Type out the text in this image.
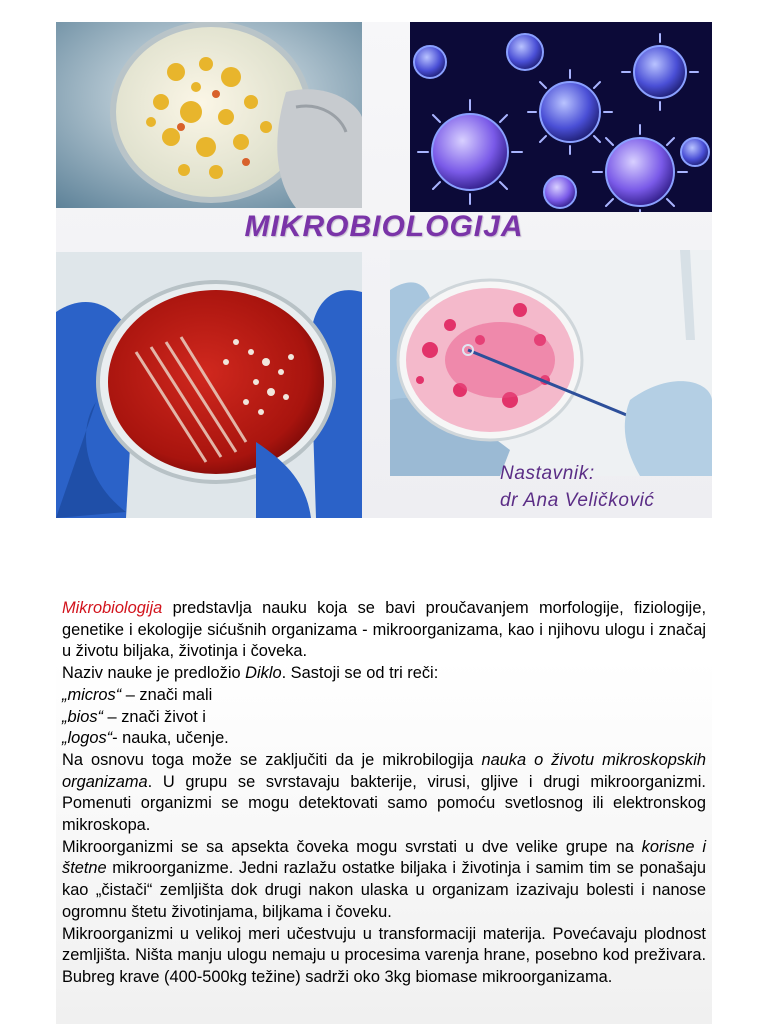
MIKROBIOLOGIJA
Nastavnik:
dr Ana Veličković

Mikrobiologija predstavlja nauku koja se bavi proučavanjem morfologije, fiziologije, genetike i ekologije sićušnih organizama - mikroorganizama, kao i njihovu ulogu i značaj u životu biljaka, životinja i čoveka.

Naziv nauke je predložio Diklo. Sastoji se od tri reči:

„micros“ – znači mali

„bios“ – znači život i

„logos“- nauka, učenje.

Na osnovu toga može se zaključiti da je mikrobilogija nauka o životu mikroskopskih organizama. U grupu se svrstavaju bakterije, virusi, gljive i drugi mikroorganizmi. Pomenuti organizmi se mogu detektovati samo pomoću svetlosnog ili elektronskog mikroskopa.

Mikroorganizmi se sa apsekta čoveka mogu svrstati u dve velike grupe na korisne i štetne mikroorganizme. Jedni razlažu ostatke biljaka i životinja i samim tim se ponašaju kao „čistači“ zemljišta dok drugi nakon ulaska u organizam izazivaju bolesti i nanose ogromnu štetu životinjama, biljkama i čoveku.

Mikroorganizmi u velikoj meri učestvuju u transformaciji materija. Povećavaju plodnost zemljišta. Ništa manju ulogu nemaju u procesima varenja hrane, posebno kod preživara. Bubreg krave (400-500kg težine) sadrži oko 3kg biomase mikroorganizama.
